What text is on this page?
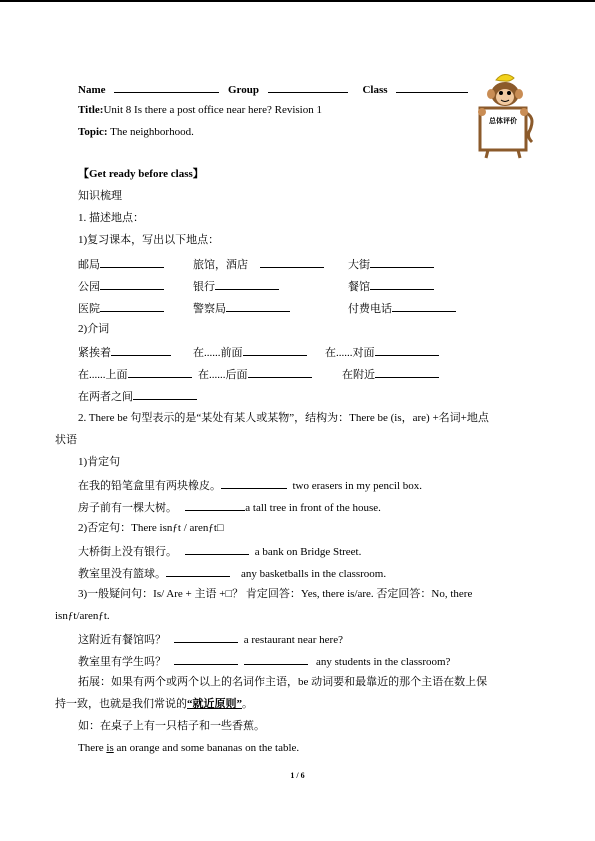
Name	Group	Class
Title:Unit 8 Is there a post office near here? Revision 1
Topic: The neighborhood.
总体评价
【Get ready before class】
知识梳理
1. 描述地点：
1)复习课本，写出以下地点：
邮局	旅馆，酒店	大街
公园	银行	餐馆
医院	警察局	付费电话
2)介词
紧挨着	在......前面	在......对面
在......上面	在......后面	在附近
在两者之间
2. There be 句型表示的是“某处有某人或某物”，结构为：There be (is，are) +名词+地点
状语
1)肯定句
在我的铅笔盒里有两块橡皮。	two erasers in my pencil box.
房子前有一棵大树。	a tall tree in front of the house.
2)否定句：There isnƒt / arenƒt□
大桥街上没有银行。	a bank on Bridge Street.
教室里没有篮球。	any basketballs in the classroom.
3)一般疑问句：Is/ Are + 主语 +□？ 肯定回答：Yes, there is/are. 否定回答：No, there
isnƒt/arenƒt.
这附近有餐馆吗？	a restaurant near here?
教室里有学生吗？	any students in the classroom?
拓展：如果有两个或两个以上的名词作主语，be 动词要和最靠近的那个主语在数上保
持一致，也就是我们常说的“就近原则”。
如：在桌子上有一只桔子和一些香蕉。
There is an orange and some bananas on the table.
1 / 6
